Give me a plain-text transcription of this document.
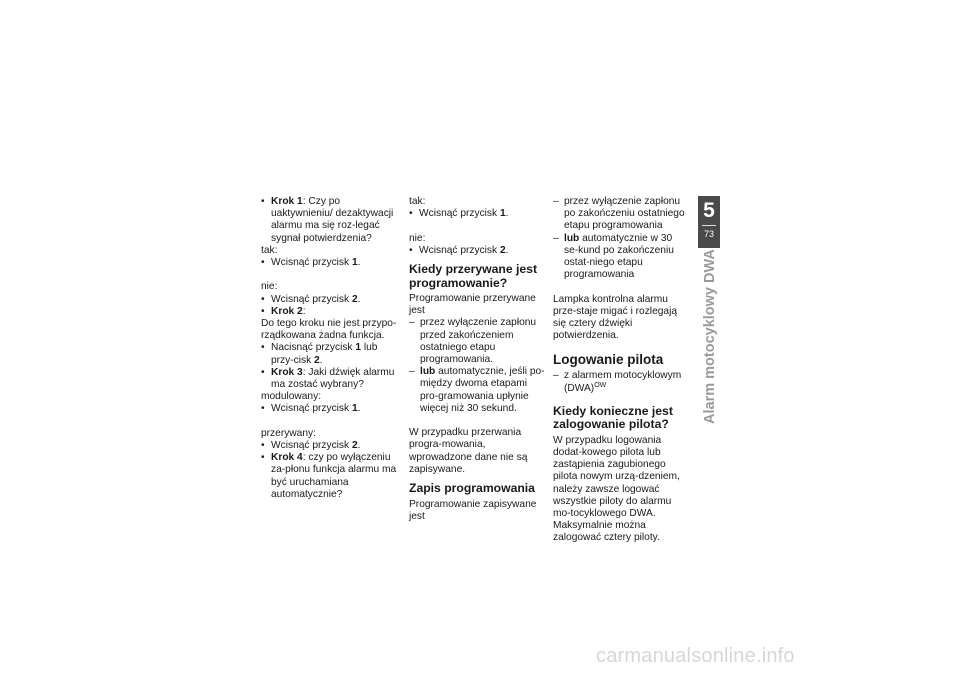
• Krok 1: Czy po uaktywnieniu/ dezaktywacji alarmu ma się roz-legać sygnał potwierdzenia?

tak:

• Wcisnąć przycisk 1.

nie:

• Wcisnąć przycisk 2.

• Krok 2:

Do tego kroku nie jest przypo-rządkowana żadna funkcja.

• Nacisnąć przycisk 1 lub przy-cisk 2.

• Krok 3: Jaki dźwięk alarmu ma zostać wybrany?

modulowany:

• Wcisnąć przycisk 1.

przerywany:

• Wcisnąć przycisk 2.

• Krok 4: czy po wyłączeniu za-płonu funkcja alarmu ma być uruchamiana automatycznie?

tak:

• Wcisnąć przycisk 1.

nie:

• Wcisnąć przycisk 2.

Kiedy przerywane jest programowanie?

Programowanie przerywane jest

– przez wyłączenie zapłonu przed zakończeniem ostatniego etapu programowania.

– lub automatycznie, jeśli po-między dwoma etapami pro-gramowania upłynie więcej niż 30 sekund.

W przypadku przerwania progra-mowania, wprowadzone dane nie są zapisywane.

Zapis programowania

Programowanie zapisywane jest

– przez wyłączenie zapłonu po zakończeniu ostatniego etapu programowania

– lub automatycznie w 30 se-kund po zakończeniu ostat-niego etapu programowania

Lampka kontrolna alarmu prze-staje migać i rozlegają się cztery dźwięki potwierdzenia.

Logowanie pilota

– z alarmem motocyklowym (DWA)$^{OW}$

Kiedy konieczne jest zalogowanie pilota?

W przypadku logowania dodat-kowego pilota lub zastąpienia zagubionego pilota nowym urzą-dzeniem, należy zawsze logować wszystkie piloty do alarmu mo-tocyklowego DWA. Maksymalnie można zalogować cztery piloty.

5
73
Alarm motocyklowy DWA
carmanualsonline.info
